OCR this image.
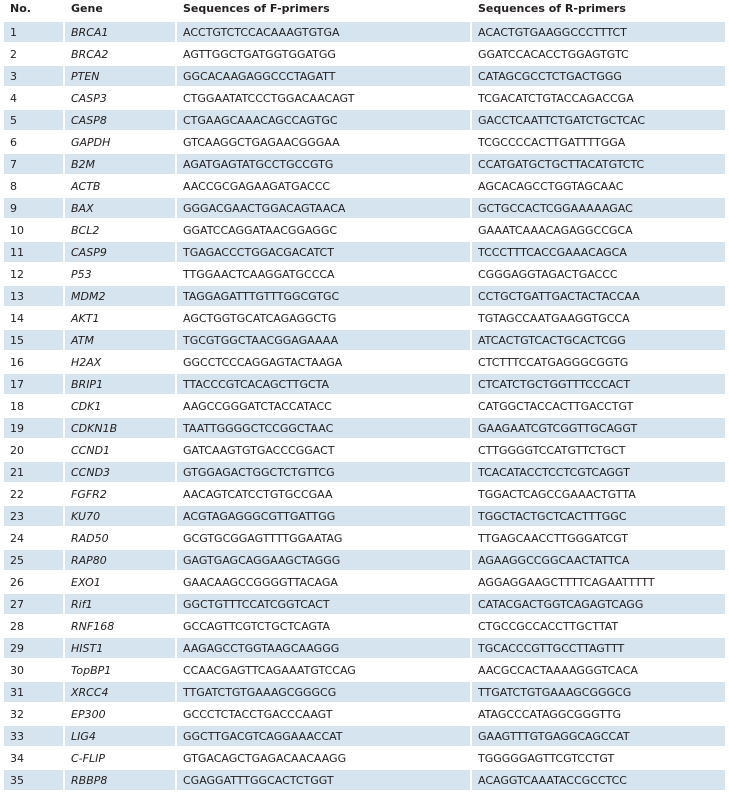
No.	Gene	Sequences of F-primers	Sequences of R-primers
1	BRCA1	ACCTGTCTCCACAAAGTGTGA	ACACTGTGAAGGCCCTTTCT
2	BRCA2	AGTTGGCTGATGGTGGATGG	GGATCCACACCTGGAGTGTC
3	PTEN	GGCACAAGAGGCCCTAGATT	CATAGCGCCTCTGACTGGG
4	CASP3	CTGGAATATCCCTGGACAACAGT	TCGACATCTGTACCAGACCGA
5	CASP8	CTGAAGCAAACAGCCAGTGC	GACCTCAATTCTGATCTGCTCAC
6	GAPDH	GTCAAGGCTGAGAACGGGAA	TCGCCCCACTTGATTTTGGA
7	B2M	AGATGAGTATGCCTGCCGTG	CCATGATGCTGCTTACATGTCTC
8	ACTB	AACCGCGAGAAGATGACCC	AGCACAGCCTGGTAGCAAC
9	BAX	GGGACGAACTGGACAGTAACA	GCTGCCACTCGGAAAAAGAC
10	BCL2	GGATCCAGGATAACGGAGGC	GAAATCAAACAGAGGCCGCA
11	CASP9	TGAGACCCTGGACGACATCT	TCCCTTTCACCGAAACAGCA
12	P53	TTGGAACTCAAGGATGCCCA	CGGGAGGTAGACTGACCC
13	MDM2	TAGGAGATTTGTTTGGCGTGC	CCTGCTGATTGACTACTACCAA
14	AKT1	AGCTGGTGCATCAGAGGCTG	TGTAGCCAATGAAGGTGCCA
15	ATM	TGCGTGGCTAACGGAGAAAA	ATCACTGTCACTGCACTCGG
16	H2AX	GGCCTCCCAGGAGTACTAAGA	CTCTTTCCATGAGGGCGGTG
17	BRIP1	TTACCCGTCACAGCTTGCTA	CTCATCTGCTGGTTTCCCACT
18	CDK1	AAGCCGGGATCTACCATACC	CATGGCTACCACTTGACCTGT
19	CDKN1B	TAATTGGGGCTCCGGCTAAC	GAAGAATCGTCGGTTGCAGGT
20	CCND1	GATCAAGTGTGACCCGGACT	CTTGGGGTCCATGTTCTGCT
21	CCND3	GTGGAGACTGGCTCTGTTCG	TCACATACCTCCTCGTCAGGT
22	FGFR2	AACAGTCATCCTGTGCCGAA	TGGACTCAGCCGAAACTGTTA
23	KU70	ACGTAGAGGGCGTTGATTGG	TGGCTACTGCTCACTTTGGC
24	RAD50	GCGTGCGGAGTTTTGGAATAG	TTGAGCAACCTTGGGATCGT
25	RAP80	GAGTGAGCAGGAAGCTAGGG	AGAAGGCCGGCAACTATTCA
26	EXO1	GAACAAGCCGGGGTTACAGA	AGGAGGAAGCTTTTCAGAATTTTT
27	Rif1	GGCTGTTTCCATCGGTCACT	CATACGACTGGTCAGAGTCAGG
28	RNF168	GCCAGTTCGTCTGCTCAGTA	CTGCCGCCACCTTGCTTAT
29	HIST1	AAGAGCCTGGTAAGCAAGGG	TGCACCCGTTGCCTTAGTTT
30	TopBP1	CCAACGAGTTCAGAAATGTCCAG	AACGCCACTAAAAGGGTCACA
31	XRCC4	TTGATCTGTGAAAGCGGGCG	TTGATCTGTGAAAGCGGGCG
32	EP300	GCCCTCTACCTGACCCAAGT	ATAGCCCATAGGCGGGTTG
33	LIG4	GGCTTGACGTCAGGAAACCAT	GAAGTTTGTGAGGCAGCCAT
34	C-FLIP	GTGACAGCTGAGACAACAAGG	TGGGGGAGTTCGTCCTGT
35	RBBP8	CGAGGATTTGGCACTCTGGT	ACAGGTCAAATACCGCCTCC
